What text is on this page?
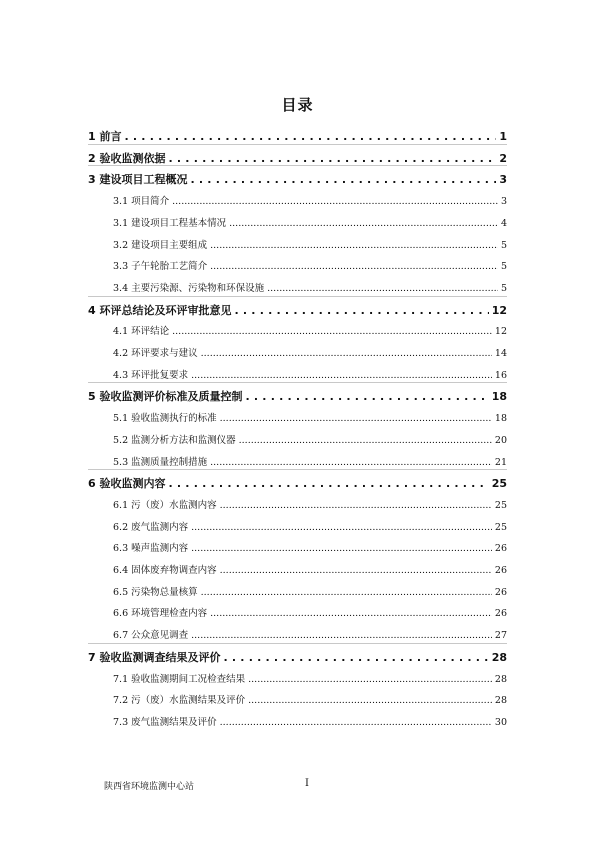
目录
1 前言 . . .	1
2 验收监测依据 . . .	2
3 建设项目工程概况 . . .	3
3.1 项目简介 .....	3
3.1 建设项目工程基本情况 .....	4
3.2 建设项目主要组成 .....	5
3.3 子午轮胎工艺简介 .....	5
3.4 主要污染源、污染物和环保设施 .....	5
4 环评总结论及环评审批意见 . . .	12
4.1 环评结论 .....	12
4.2 环评要求与建议 .....	14
4.3 环评批复要求 .....	16
5 验收监测评价标准及质量控制 . . .	18
5.1 验收监测执行的标准 .....	18
5.2 监测分析方法和监测仪器 .....	20
5.3 监测质量控制措施 .....	21
6 验收监测内容 . . .	25
6.1 污（废）水监测内容 .....	25
6.2 废气监测内容 .....	25
6.3 噪声监测内容 .....	26
6.4 固体废弃物调查内容 .....	26
6.5 污染物总量核算 .....	26
6.6 环境管理检查内容 .....	26
6.7 公众意见调查 .....	27
7 验收监测调查结果及评价 . . .	28
7.1 验收监测期间工况检查结果 .....	28
7.2 污（废）水监测结果及评价 .....	28
7.3 废气监测结果及评价 .....	30
陕西省环境监测中心站	I
